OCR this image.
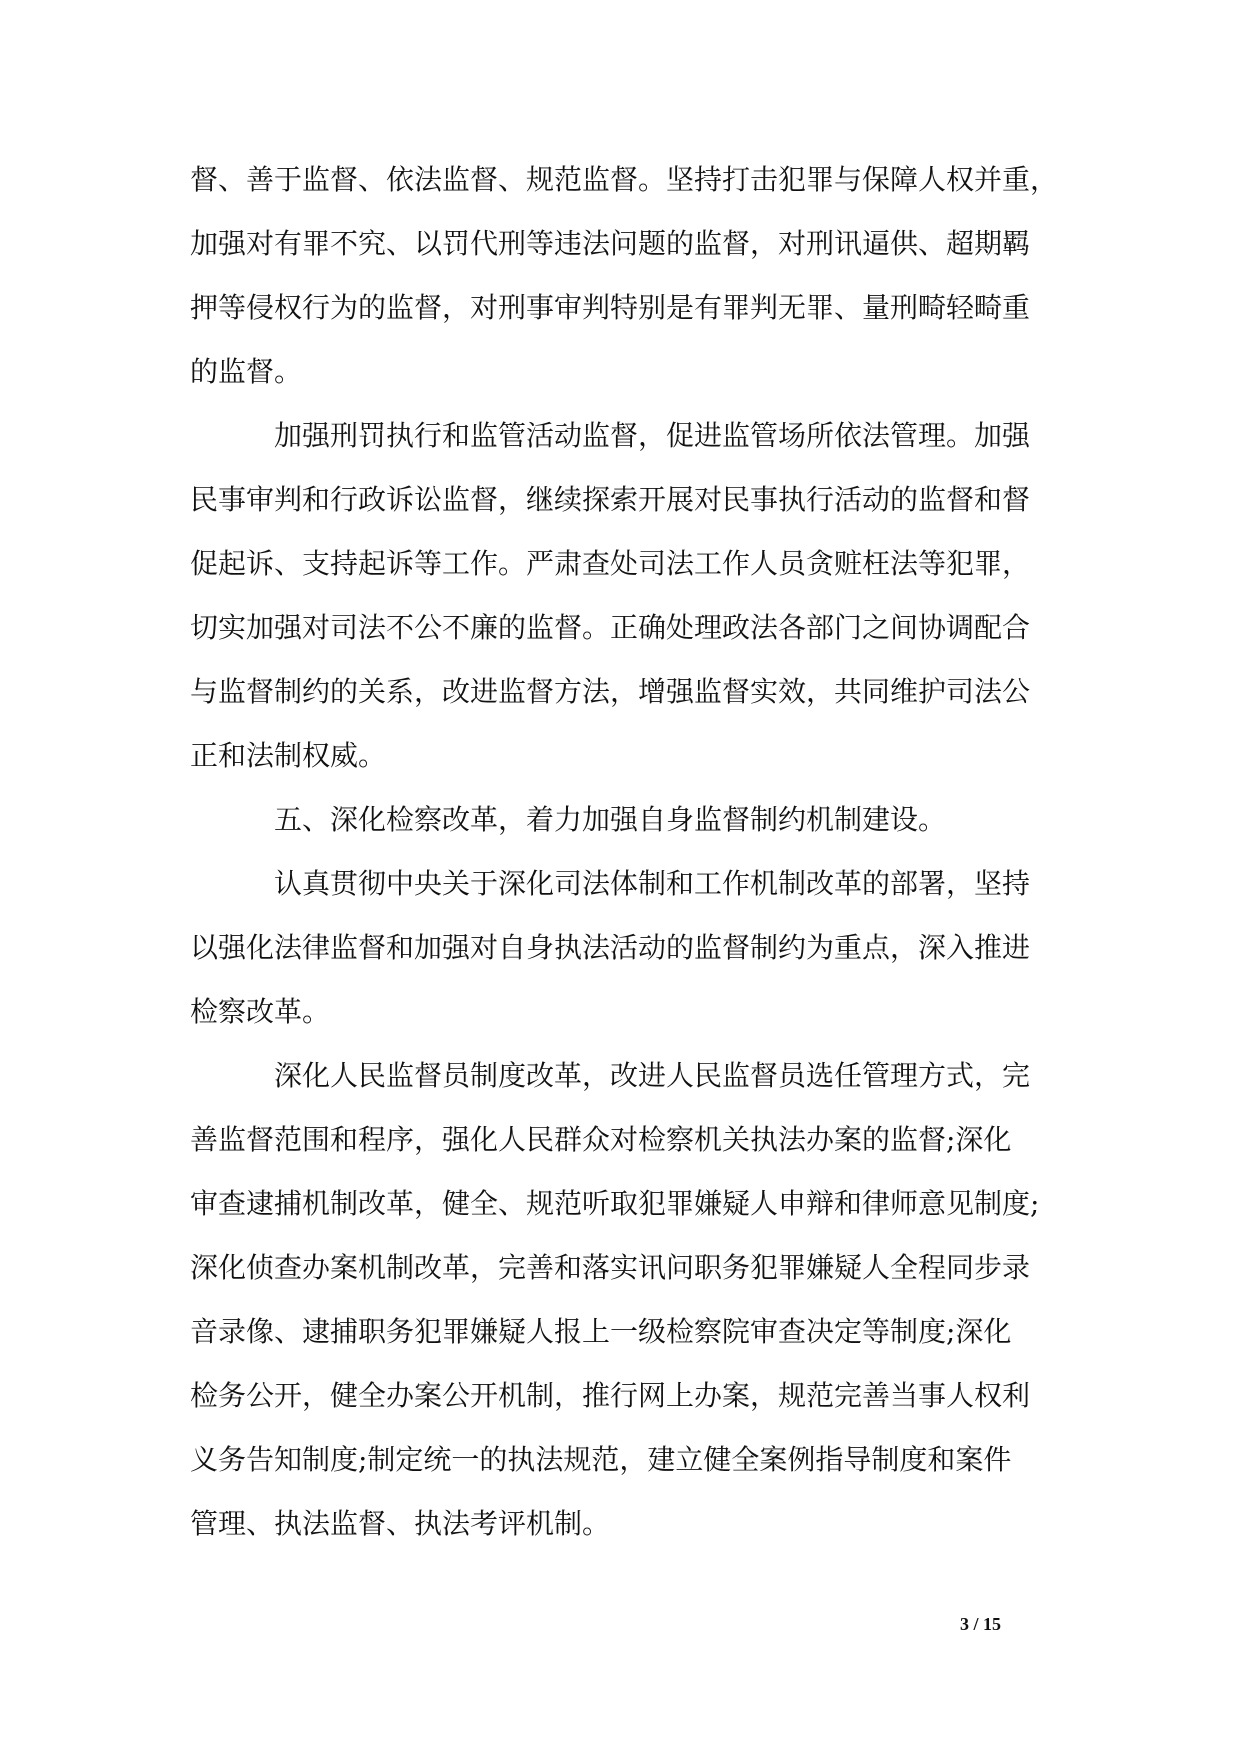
督、善于监督、依法监督、规范监督。坚持打击犯罪与保障人权并重，
加强对有罪不究、以罚代刑等违法问题的监督，对刑讯逼供、超期羁
押等侵权行为的监督，对刑事审判特别是有罪判无罪、量刑畸轻畸重
的监督。
加强刑罚执行和监管活动监督，促进监管场所依法管理。加强
民事审判和行政诉讼监督，继续探索开展对民事执行活动的监督和督
促起诉、支持起诉等工作。严肃查处司法工作人员贪赃枉法等犯罪，
切实加强对司法不公不廉的监督。正确处理政法各部门之间协调配合
与监督制约的关系，改进监督方法，增强监督实效，共同维护司法公
正和法制权威。
五、深化检察改革，着力加强自身监督制约机制建设。
认真贯彻中央关于深化司法体制和工作机制改革的部署，坚持
以强化法律监督和加强对自身执法活动的监督制约为重点，深入推进
检察改革。
深化人民监督员制度改革，改进人民监督员选任管理方式，完
善监督范围和程序，强化人民群众对检察机关执法办案的监督;深化
审查逮捕机制改革，健全、规范听取犯罪嫌疑人申辩和律师意见制度;
深化侦查办案机制改革，完善和落实讯问职务犯罪嫌疑人全程同步录
音录像、逮捕职务犯罪嫌疑人报上一级检察院审查决定等制度;深化
检务公开，健全办案公开机制，推行网上办案，规范完善当事人权利
义务告知制度;制定统一的执法规范，建立健全案例指导制度和案件
管理、执法监督、执法考评机制。
3 / 15
